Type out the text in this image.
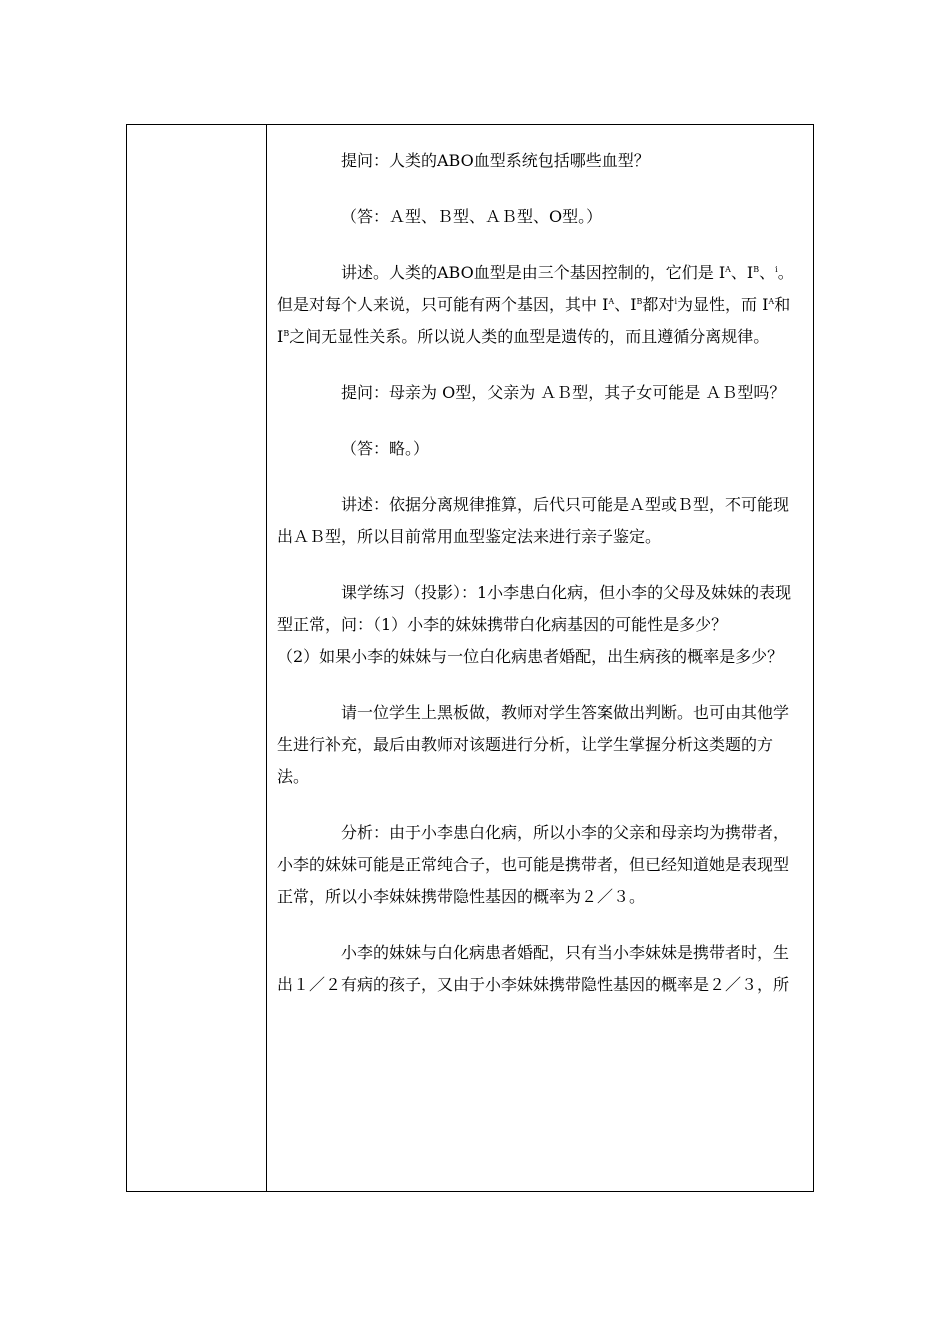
提问：人类的ABO血型系统包括哪些血型？

（答：Ａ型、Ｂ型、ＡＢ型、O型。）

讲述。人类的ABO血型是由三个基因控制的，它们是 $I^A$、$I^B$、$^i$。但是对每个人来说，只可能有两个基因，其中 $I^A$、$I^B$都对$^i$为显性，而 $I^A$和 $I^B$之间无显性关系。所以说人类的血型是遗传的，而且遵循分离规律。

提问：母亲为 O型，父亲为 ＡＢ型，其子女可能是 ＡＢ型吗？

（答：略。）

讲述：依据分离规律推算，后代只可能是Ａ型或Ｂ型，不可能现出ＡＢ型，所以目前常用血型鉴定法来进行亲子鉴定。

课学练习（投影）：1小李患白化病，但小李的父母及妹妹的表现型正常，问：（1）小李的妹妹携带白化病基因的可能性是多少？

（2）如果小李的妹妹与一位白化病患者婚配，出生病孩的概率是多少？

请一位学生上黑板做，教师对学生答案做出判断。也可由其他学生进行补充，最后由教师对该题进行分析，让学生掌握分析这类题的方法。

分析：由于小李患白化病，所以小李的父亲和母亲均为携带者，小李的妹妹可能是正常纯合子，也可能是携带者，但已经知道她是表现型正常，所以小李妹妹携带隐性基因的概率为２／３。

小李的妹妹与白化病患者婚配，只有当小李妹妹是携带者时，生出１／２有病的孩子，又由于小李妹妹携带隐性基因的概率是２／３，所
